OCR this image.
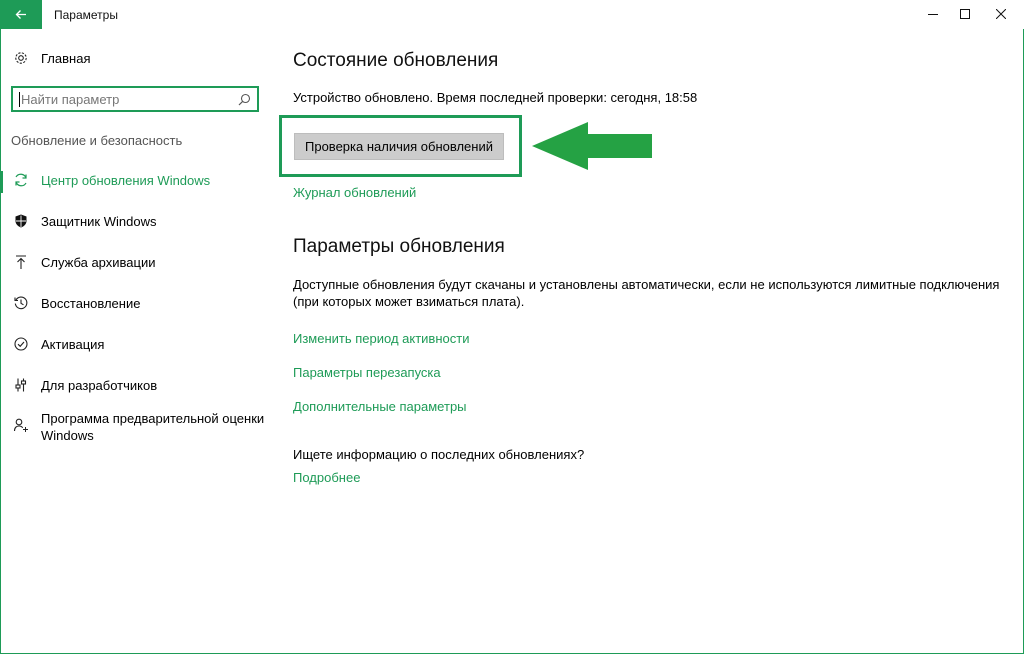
Параметры
Главная
Найти параметр
Обновление и безопасность
Центр обновления Windows
Защитник Windows
Служба архивации
Восстановление
Активация
Для разработчиков
Программа предварительной оценки
Windows
Состояние обновления
Устройство обновлено. Время последней проверки: сегодня, 18:58
Проверка наличия обновлений
Журнал обновлений
Параметры обновления
Доступные обновления будут скачаны и установлены автоматически, если не используются лимитные подключения
(при которых может взиматься плата).
Изменить период активности
Параметры перезапуска
Дополнительные параметры
Ищете информацию о последних обновлениях?
Подробнее
